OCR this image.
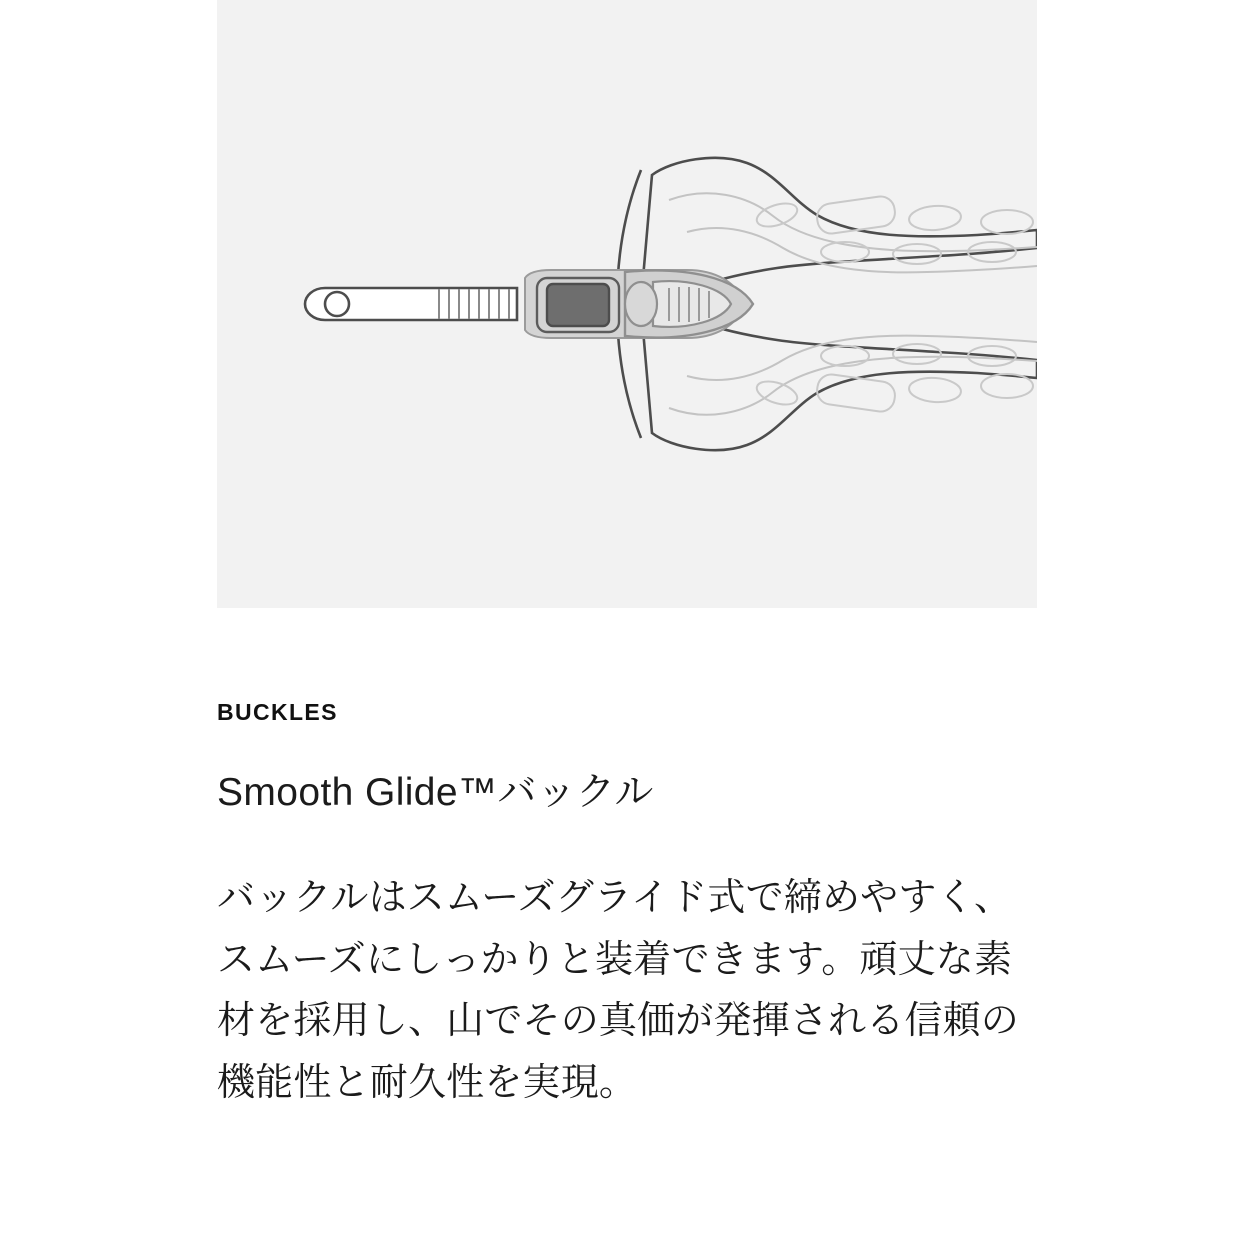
BUCKLES
Smooth Glide™バックル

バックルはスムーズグライド式で締めやすく、スムーズにしっかりと装着できます。頑丈な素材を採用し、山でその真価が発揮される信頼の機能性と耐久性を実現。
